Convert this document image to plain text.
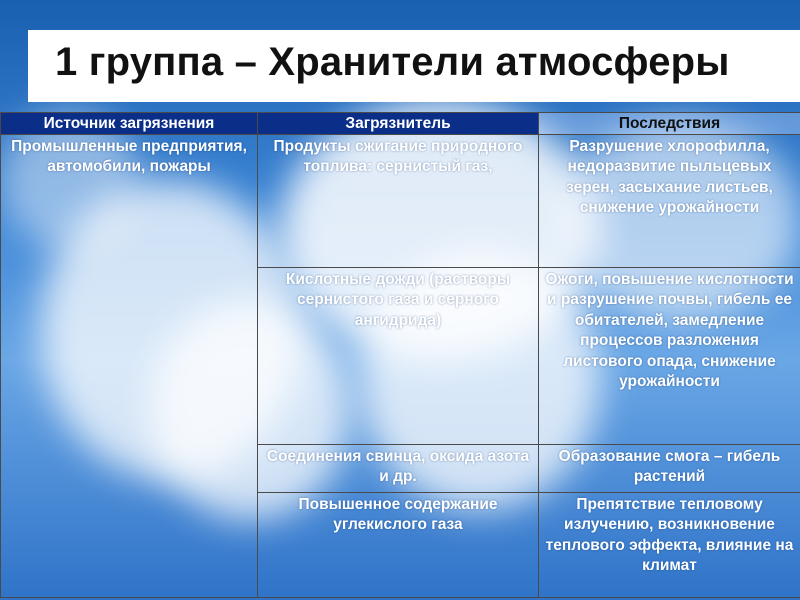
1 группа – Хранители атмосферы
Источник загрязнения	Загрязнитель	Последствия
Промышленные предприятия, автомобили, пожары	Продукты сжигание природного топлива: сернистый газ,	Разрушение хлорофилла, недоразвитие пыльцевых зерен, засыхание листьев, снижение урожайности
	Кислотные дожди (растворы сернистого газа и серного ангидрида)	Ожоги, повышение кислотности и разрушение почвы, гибель ее обитателей, замедление процессов разложения листового опада, снижение урожайности
	Соединения свинца, оксида азота и др.	Образование смога – гибель растений
	Повышенное содержание углекислого газа	Препятствие тепловому излучению, возникновение теплового эффекта, влияние на климат
